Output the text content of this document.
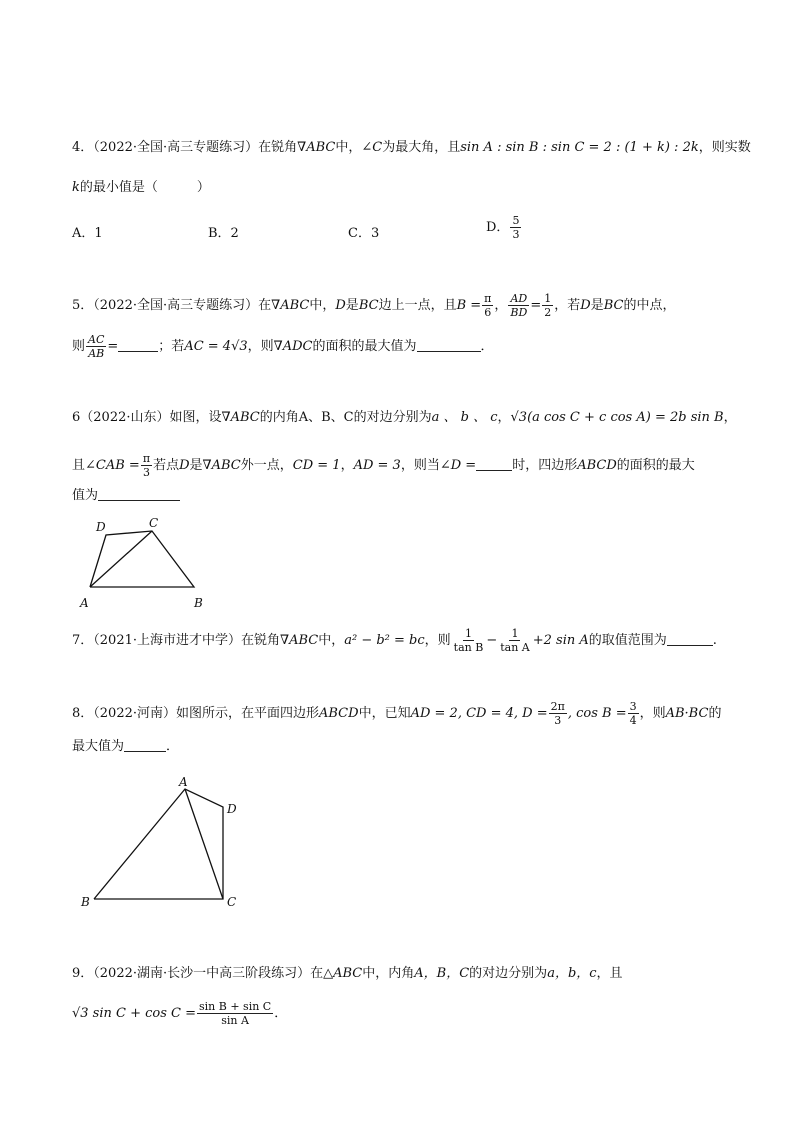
4．（2022·全国·高三专题练习）在锐角∇ABC中，∠C为最大角，且sin A : sin B : sin C = 2 : (1 + k) : 2k，则实数
k的最小值是（　　　）
A．1	B．2	C．3	D． $\frac{5}{3}$
5．（2022·全国·高三专题练习）在∇ABC中，D是BC边上一点，且$B = \frac{\pi}{6}$ ， $\frac{AD}{BD} = \frac{1}{2}$ ，若D是BC的中点，
则 $\frac{AC}{AB}$ =	；若AC = 4√3，则∇ADC的面积的最大值为	．
6（2022·山东）如图，设∇ABC的内角A、B、C的对边分别为a 、 b 、 c，√3(a cos C + c cos A) = 2b sin B，
且∠CAB = $\frac{\pi}{3}$ 若点D是∇ABC外一点，CD = 1，AD = 3，则当∠D =	时，四边形ABCD的面积的最大
值为
D	C
A	B
7．（2021·上海市进才中学）在锐角∇ABC中，a² − b² = bc，则 $\frac{1}{\text{tan B}} - \frac{1}{\text{tan A}} +2$ sin A的取值范围为	.
8．（2022·河南）如图所示，在平面四边形ABCD中，已知AD = 2, CD = 4, $D = \frac{2\pi}{3}$ , $\cos B = \frac{3}{4}$ ，则AB·BC的
最大值为	．
A
D
B	C
9．（2022·湖南·长沙一中高三阶段练习）在△ABC中，内角A，B，C的对边分别为a，b，c，且
√3 $\sin C + \cos C = \frac{\text{sin B + sin C}}{\text{sin A}}$ ．
